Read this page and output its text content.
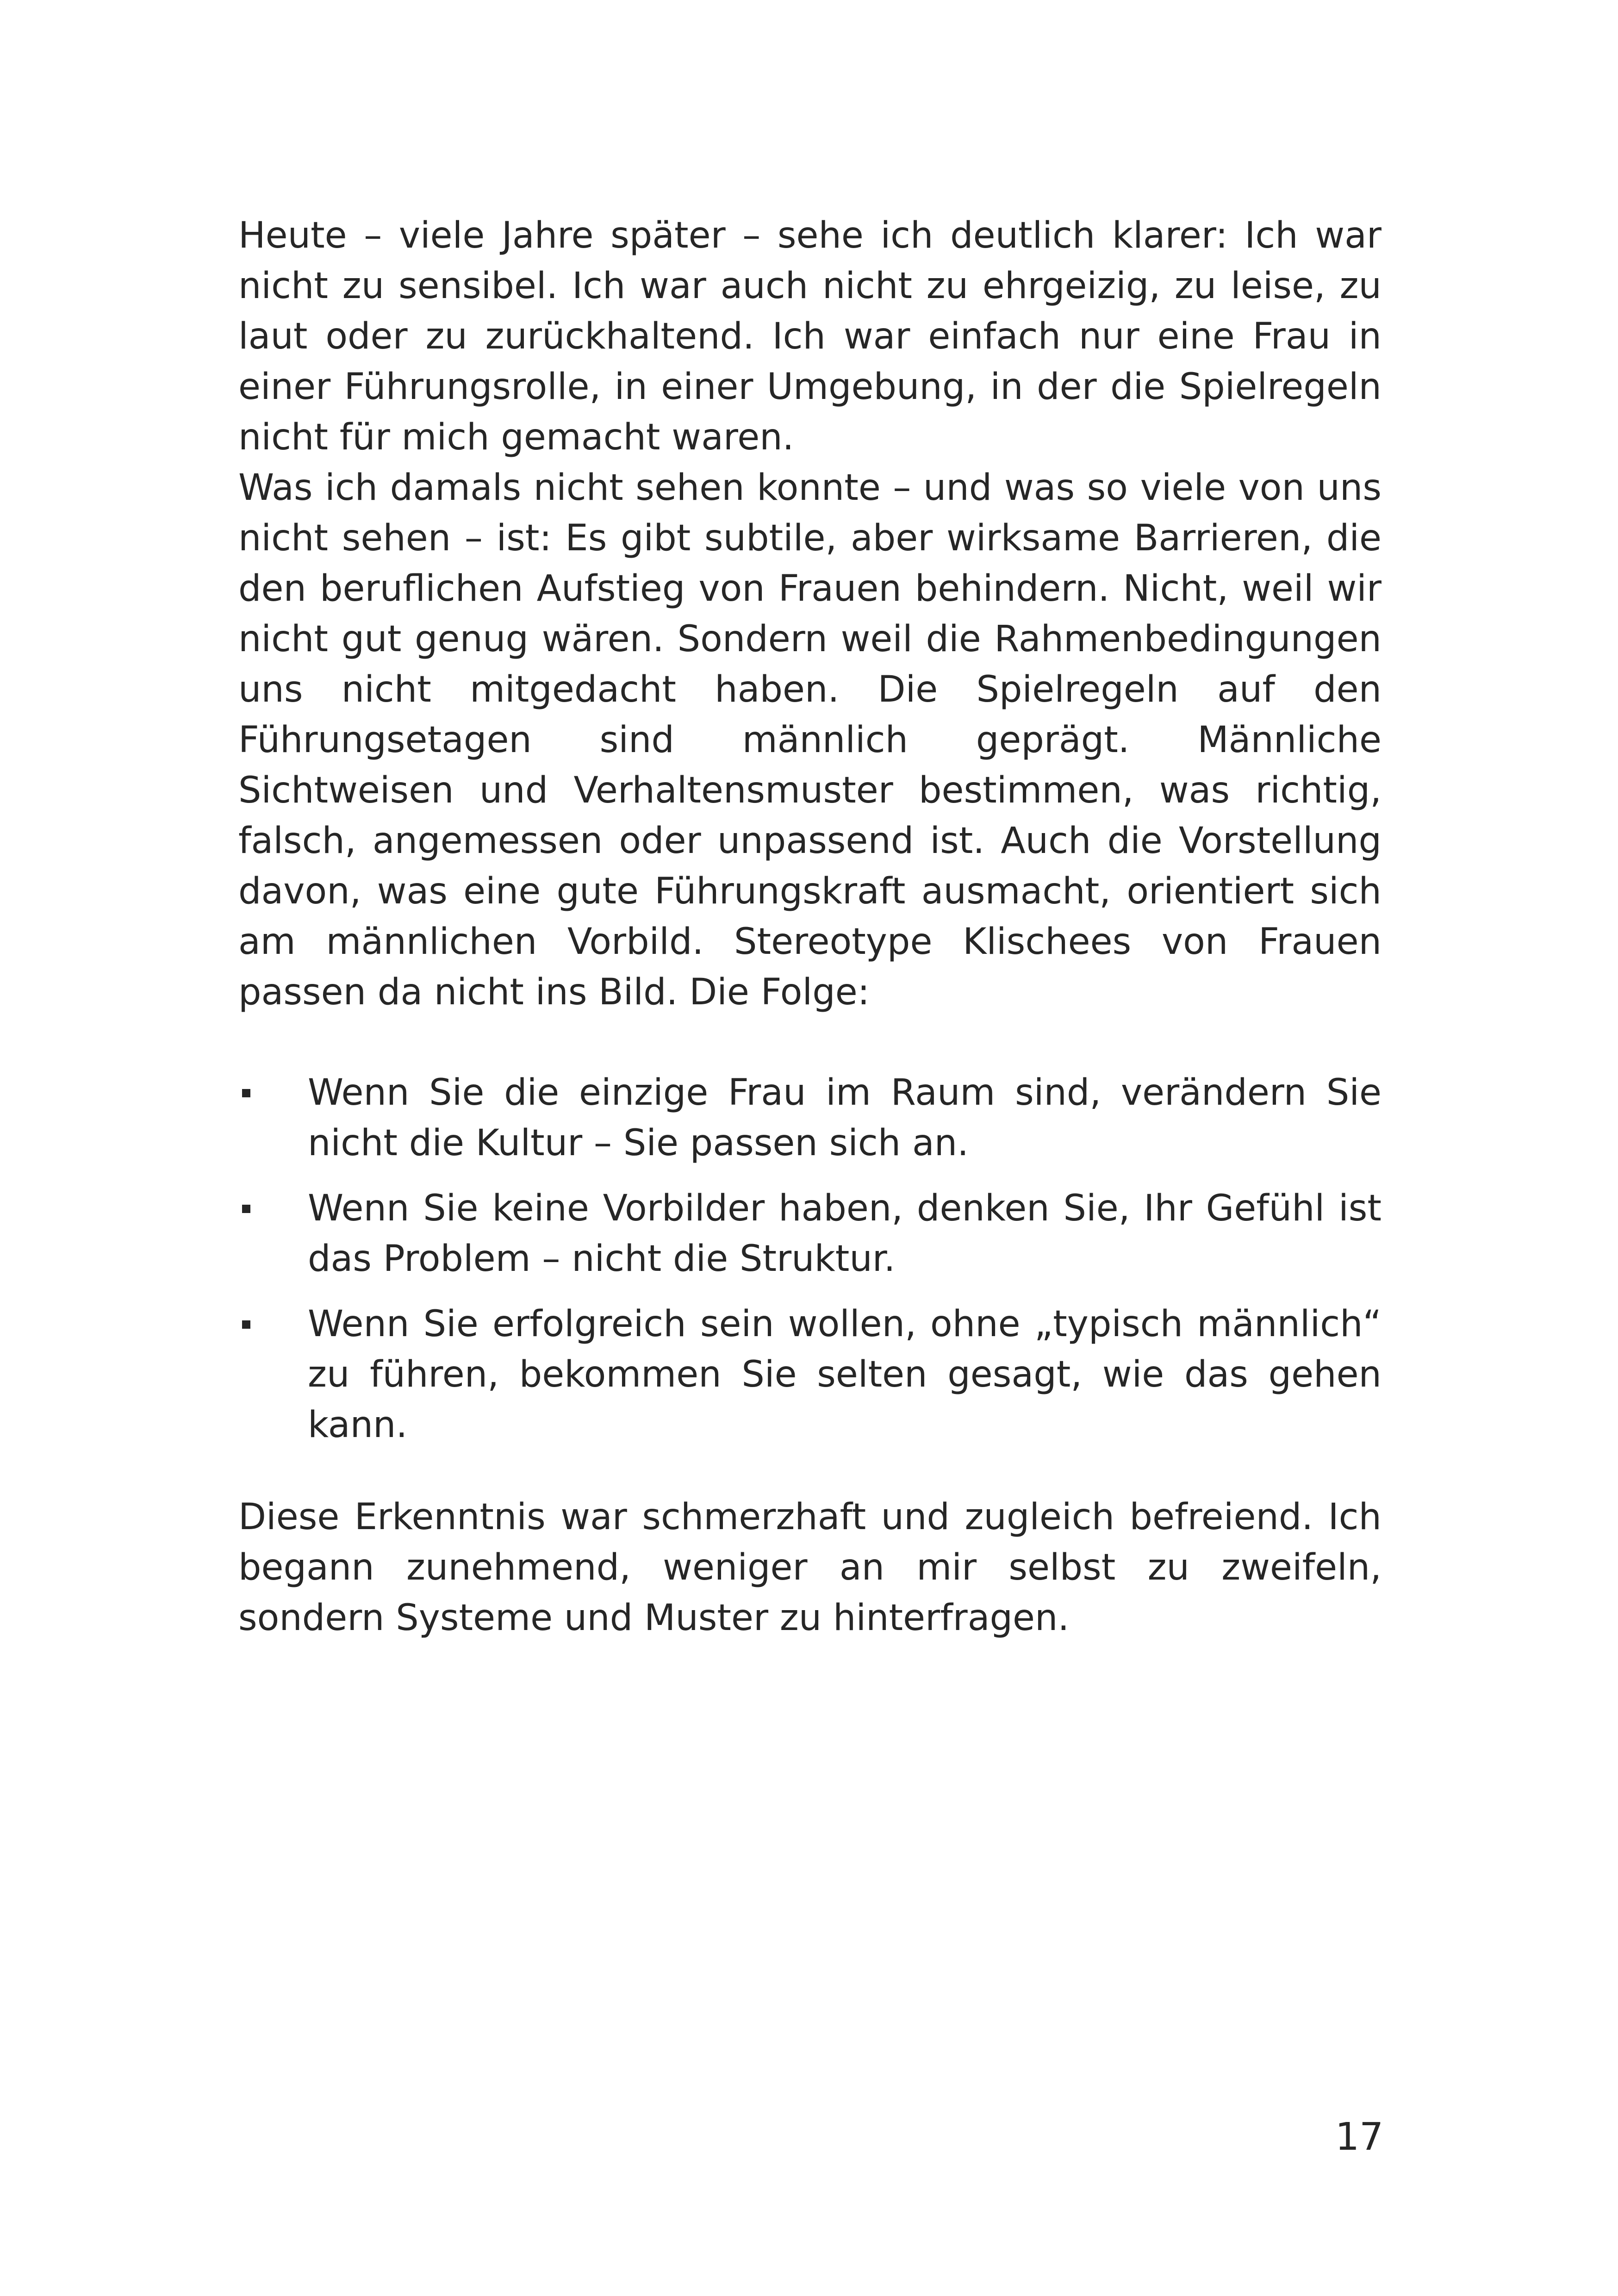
Heute – viele Jahre später – sehe ich deutlich klarer: Ich war nicht zu sensibel. Ich war auch nicht zu ehrgeizig, zu leise, zu laut oder zu zurückhaltend. Ich war einfach nur eine Frau in einer Führungsrolle, in einer Umgebung, in der die Spielregeln nicht für mich gemacht waren.

Was ich damals nicht sehen konnte – und was so viele von uns nicht sehen – ist: Es gibt subtile, aber wirksame Barrieren, die den beruflichen Aufstieg von Frauen behindern. Nicht, weil wir nicht gut genug wären. Sondern weil die Rahmenbedingungen uns nicht mitgedacht haben. Die Spielregeln auf den Führungsetagen sind männlich geprägt. Männliche Sichtweisen und Verhaltensmuster bestimmen, was richtig, falsch, angemessen oder unpassend ist. Auch die Vorstellung davon, was eine gute Führungskraft ausmacht, orientiert sich am männlichen Vorbild. Stereotype Klischees von Frauen passen da nicht ins Bild. Die Folge:

Wenn Sie die einzige Frau im Raum sind, verändern Sie nicht die Kultur – Sie passen sich an.
Wenn Sie keine Vorbilder haben, denken Sie, Ihr Gefühl ist das Problem – nicht die Struktur.
Wenn Sie erfolgreich sein wollen, ohne „typisch männlich“ zu führen, bekommen Sie selten gesagt, wie das gehen kann.

Diese Erkenntnis war schmerzhaft und zugleich befreiend. Ich begann zunehmend, weniger an mir selbst zu zweifeln, sondern Systeme und Muster zu hinterfragen.

17
